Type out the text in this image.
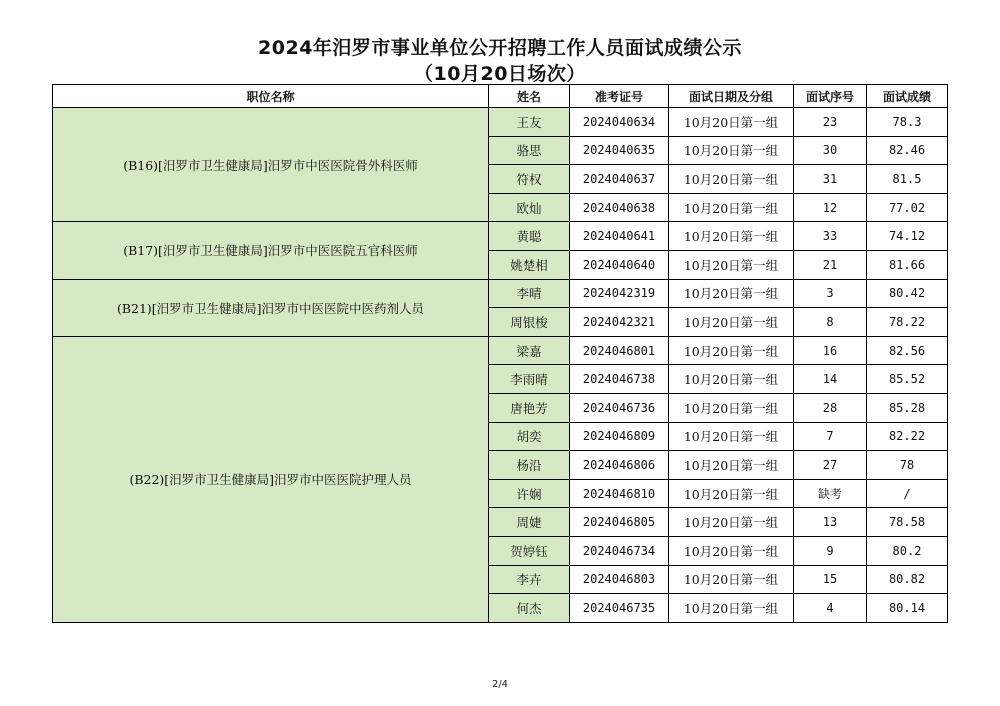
2024年汨罗市事业单位公开招聘工作人员面试成绩公示
（10月20日场次）
职位名称	姓名	准考证号	面试日期及分组	面试序号	面试成绩
(B16)[汨罗市卫生健康局]汨罗市中医医院骨外科医师	王友	2024040634	10月20日第一组	23	78.3
	骆思	2024040635	10月20日第一组	30	82.46
	符权	2024040637	10月20日第一组	31	81.5
	欧灿	2024040638	10月20日第一组	12	77.02
(B17)[汨罗市卫生健康局]汨罗市中医医院五官科医师	黄聪	2024040641	10月20日第一组	33	74.12
	姚楚相	2024040640	10月20日第一组	21	81.66
(B21)[汨罗市卫生健康局]汨罗市中医医院中医药剂人员	李晴	2024042319	10月20日第一组	3	80.42
	周银梭	2024042321	10月20日第一组	8	78.22
(B22)[汨罗市卫生健康局]汨罗市中医医院护理人员	梁嘉	2024046801	10月20日第一组	16	82.56
	李雨晴	2024046738	10月20日第一组	14	85.52
	唐艳芳	2024046736	10月20日第一组	28	85.28
	胡奕	2024046809	10月20日第一组	7	82.22
	杨沿	2024046806	10月20日第一组	27	78
	许娴	2024046810	10月20日第一组	缺考	/
	周婕	2024046805	10月20日第一组	13	78.58
	贺婷钰	2024046734	10月20日第一组	9	80.2
	李卉	2024046803	10月20日第一组	15	80.82
	何杰	2024046735	10月20日第一组	4	80.14
2/4
